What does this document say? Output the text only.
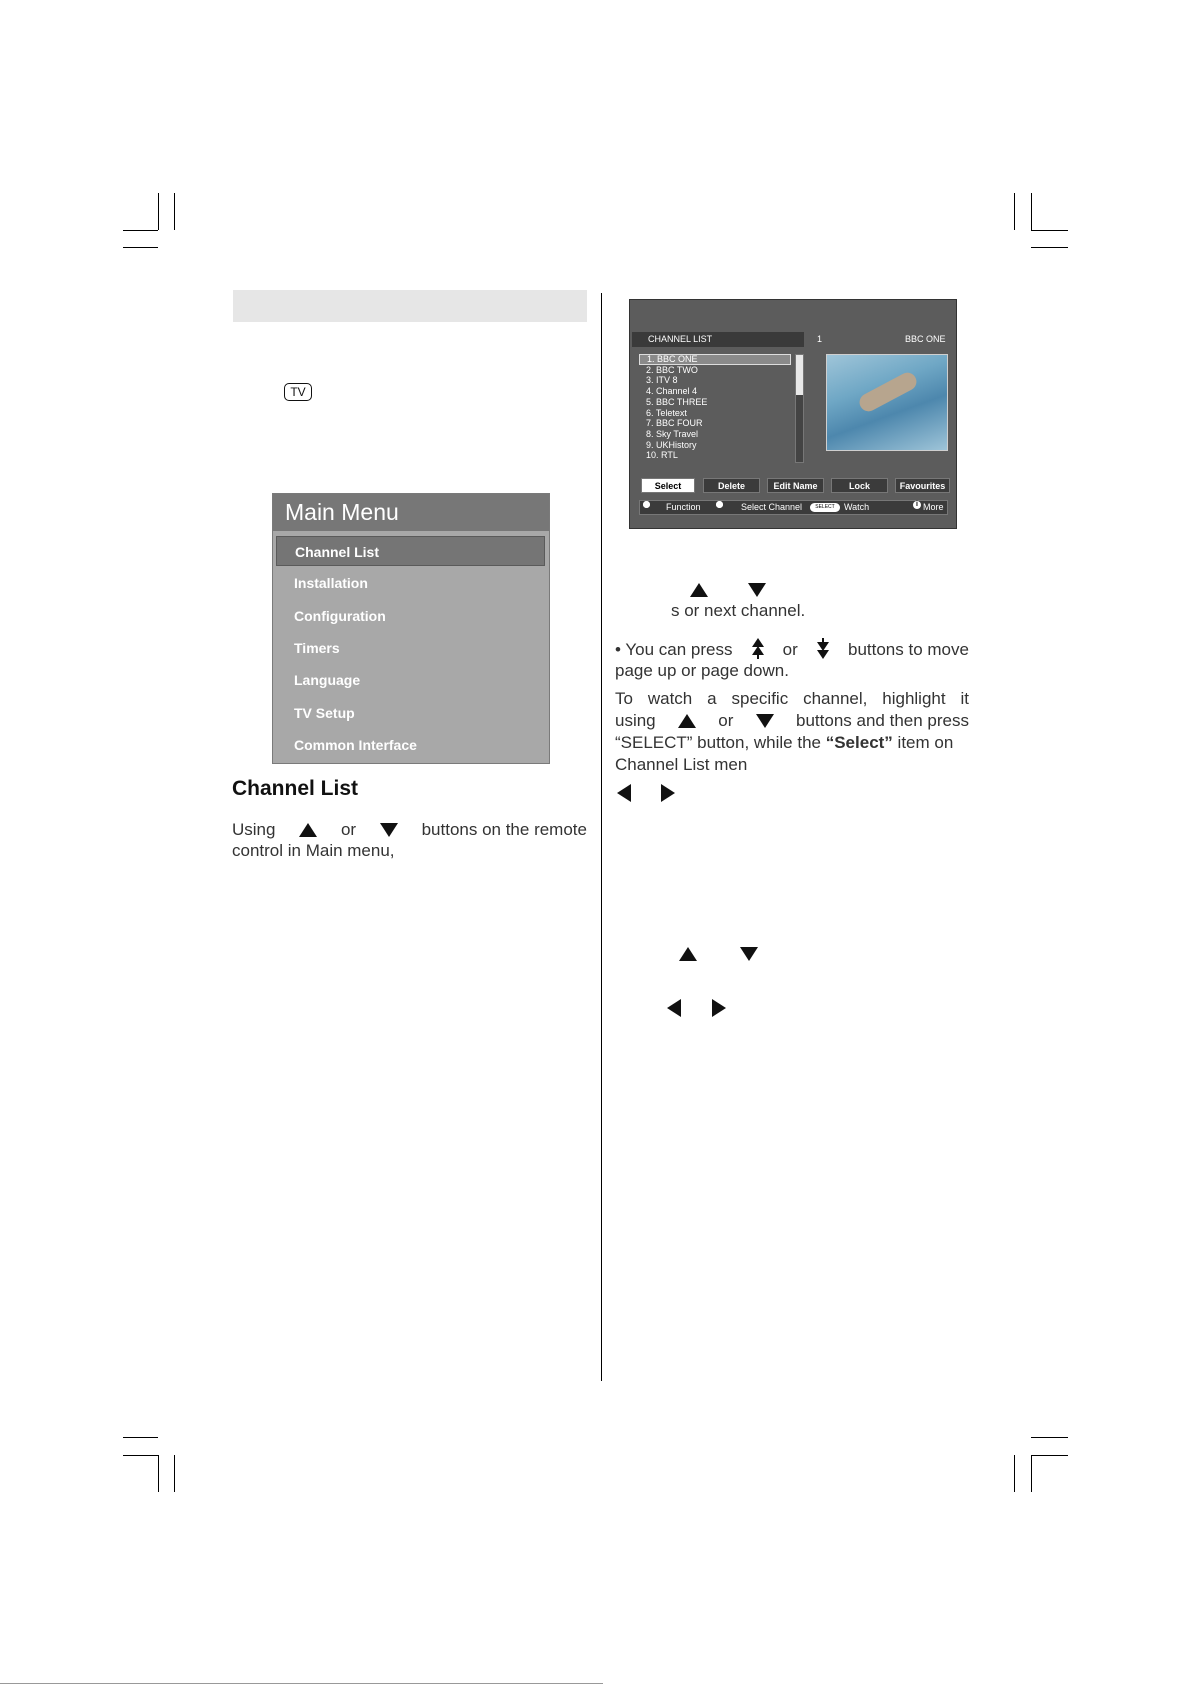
TV
Main Menu
Channel List
Installation
Configuration
Timers
Language
TV Setup
Common Interface
Channel List
Using	or	buttons on the remote
control in Main menu,
CHANNEL LIST	1	BBC ONE
1. BBC ONE
2. BBC TWO
3. ITV 8
4. Channel 4
5. BBC THREE
6. Teletext
7. BBC FOUR
8. Sky Travel
9. UKHistory
10. RTL
Select	Delete	Edit Name	Lock	Favourites
Function	Select Channel	SELECT	Watch	i More
s or next channel.
• You can press	or	buttons to move
page up or page down.
To watch a specific channel, highlight it
using	or	buttons and then press
“SELECT” button, while the “Select” item on
Channel List men
